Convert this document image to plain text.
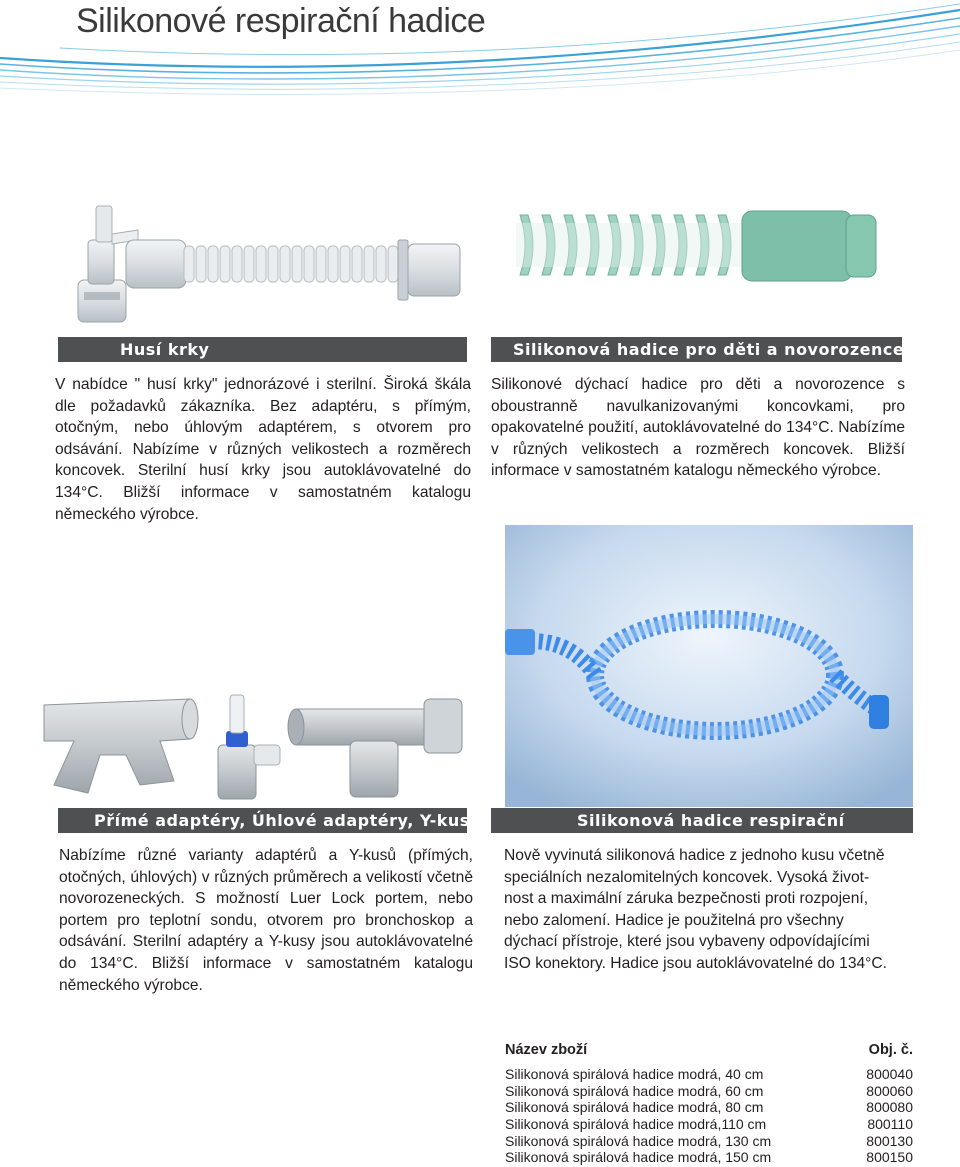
Silikonové respirační hadice
Husí krky

V nabídce " husí krky" jednorázové i sterilní. Široká škála dle požadavků zákazníka. Bez adaptéru, s přímým, otočným, nebo úhlovým adaptérem, s otvorem pro odsávání. Nabízíme v různých velikostech a rozměrech koncovek. Sterilní husí krky jsou autoklávovatelné do 134°C. Bližší informace v samostatném katalogu německého výrobce.

Silikonová hadice pro děti a novorozence

Silikonové dýchací hadice pro děti a novorozence s oboustranně navulkanizovanými koncovkami, pro opakovatelné použití, autoklávovatelné do 134°C. Nabízíme v různých velikostech a rozměrech koncovek. Bližší informace v samostatném katalogu německého výrobce.

Přímé adaptéry, Úhlové adaptéry, Y-kusy

Nabízíme různé varianty adaptérů a Y-kusů (přímých, otočných, úhlových) v různých průměrech a velikostí včetně novorozeneckých. S možností Luer Lock portem, nebo portem pro teplotní sondu, otvorem pro bronchoskop a odsávání. Sterilní adaptéry a Y-kusy jsou autoklávovatelné do 134°C. Bližší informace v samostatném katalogu německého výrobce.

Silikonová hadice respirační

Nově vyvinutá silikonová hadice z jednoho kusu včetně

speciálních nezalomitelných koncovek. Vysoká život-

nost a maximální záruka bezpečnosti proti rozpojení,

nebo zalomení. Hadice je použitelná pro všechny

dýchací přístroje, které jsou vybaveny odpovídajícími

ISO konektory. Hadice jsou autoklávovatelné do 134°C.

Název zboží	Obj. č.
Silikonová spirálová hadice modrá, 40 cm	800040
Silikonová spirálová hadice modrá, 60 cm	800060
Silikonová spirálová hadice modrá, 80 cm	800080
Silikonová spirálová hadice modrá,110 cm	800110
Silikonová spirálová hadice modrá, 130 cm	800130
Silikonová spirálová hadice modrá, 150 cm	800150
